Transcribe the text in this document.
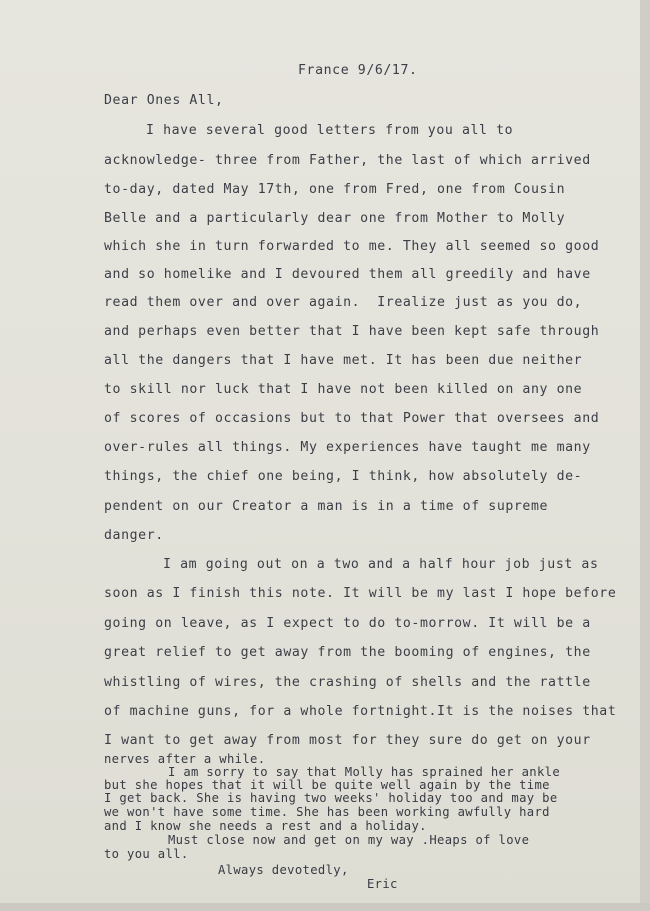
France 9/6/17.
Dear Ones All,
I have several good letters from you all to
acknowledge- three from Father, the last of which arrived
to-day, dated May 17th, one from Fred, one from Cousin
Belle and a particularly dear one from Mother to Molly
which she in turn forwarded to me. They all seemed so good
and so homelike and I devoured them all greedily and have
read them over and over again.  Irealize just as you do,
and perhaps even better that I have been kept safe through
all the dangers that I have met. It has been due neither
to skill nor luck that I have not been killed on any one
of scores of occasions but to that Power that oversees and
over-rules all things. My experiences have taught me many
things, the chief one being, I think, how absolutely de-
pendent on our Creator a man is in a time of supreme
danger.
I am going out on a two and a half hour job just as
soon as I finish this note. It will be my last I hope before
going on leave, as I expect to do to-morrow. It will be a
great relief to get away from the booming of engines, the
whistling of wires, the crashing of shells and the rattle
of machine guns, for a whole fortnight.It is the noises that
I want to get away from most for they sure do get on your
nerves after a while.
I am sorry to say that Molly has sprained her ankle
but she hopes that it will be quite well again by the time
I get back. She is having two weeks' holiday too and may be
we won't have some time. She has been working awfully hard
and I know she needs a rest and a holiday.
Must close now and get on my way .Heaps of love
to you all.
Always devotedly,
Eric
